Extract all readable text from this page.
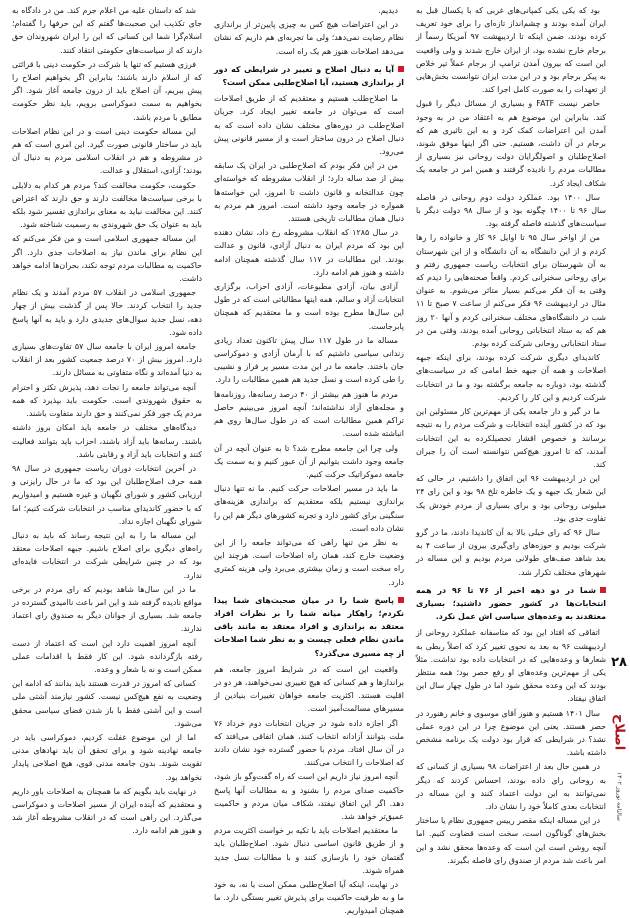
بود که یکی یکی کمپانی‌های غربی که با یکسال قبل به ایران آمده بودند و چشم‌انداز تازه‌ای را برای خود تعریف کرده بودند، ضمن اینکه تا اردیبهشت ۹۷ آمریکا رسماً از برجام خارج نشده بود، از ایران خارج شدند و ولی واقعیت این است که بیرون آمدن ترامپ از برجام عملاً تیر خلاص به پیکر برجام بود و در این مدت ایران نتوانست بخش‌هایی از تعهدات را به صورت کامل اجرا کند.

حاضر نیست FATF و بسیاری از مسائل دیگر را قبول کند. بنابراین این موضوع هم به اعتقاد من در به وجود آمدن این اعتراضات کمک کرد و به این تاثیری هم که برجام در آن داشت، هستیم. حتی اگر اینها موفق شوند، اصلاح‌طلبان و اصولگرایان دولت روحانی نیز بسیاری از مطالبات مردم را نادیده گرفتند و همین امر در جامعه یک شکاف ایجاد کرد.

سال ۱۴۰۰ بود. عملکرد دولت دوم روحانی در فاصله سال ۹۶ تا ۱۴۰۰ چگونه بود و از سال ۹۸ دولت دیگر با سیاست‌های گذشته فاصله گرفته بود.

من از اواخر سال ۹۵ تا اوایل ۹۶ کار و خانواده را رها کردم و از این دانشگاه به آن دانشگاه و از این شهرستان به آن شهرستان برای انتخابات ریاست جمهوری رفتم و برای روحانی سخنرانی کردم. واقعاً صحنه‌هایی را دیدم که وقتی به آن فکر می‌کنم بسیار متاثر می‌شوم. به عنوان مثال در اردیبهشت ۹۶ فکر می‌کنم از ساعت ۷ صبح تا ۱۱ شب در دانشگاه‌های مختلف سخنرانی کردم و آنها ۲۰ روز هم که به ستاد انتخاباتی روحانی آمده بودند، وقتی من در ستاد انتخاباتی روحانی شرکت کرده بودم.

کاندیدای دیگری شرکت کرده بودند، برای اینکه جبهه اصلاحات و همه آن جبهه خط امامی که در سیاست‌های گذشته بود، دوباره به جامعه برگشته بود و ما در انتخابات شرکت کردیم و این کار را کردیم.

ما در گیر و دار جامعه یکی از مهم‌ترین کار مسئولین این بود که در کشور آینده انتخابات و شرکت مردم را به نتیجه برسانند و خصوص اقشار تحصیلکرده به این انتخابات آمدند، که تا امروز هیچ‌کس نتوانسته است آن را جبران کند.

این در اردیبهشت ۹۶ این اتفاق را داشتیم، در حالی که این شعار یک جبهه و یک خاطره تلخ ۹۸ بود و این رای ۲۴ میلیونی روحانی بود و برای بسیاری از مردم خودش یک تفاوت جدی بود.

سال ۹۶ که رای خیلی بالا به آن کاندیدا دادند، ما در گرو شرکت بودیم و حوزه‌های رای‌گیری بیرون از ساعت ۴ به بعد شاهد صف‌های طولانی مردم بودیم و این مساله در شهرهای مختلف تکرار شد.

شما در دو دهه اخیر از ۷۶ تا ۹۶ در همه انتخابات‌ها در کشور حضور داشتید؛ بسیاری معتقدند به وعده‌های سیاسی اش عمل نکرد.

اتفاقی که افتاد این بود که متاسفانه عملکرد روحانی از اردیبهشت ۹۶ به بعد به نحوی تغییر کرد که اصلاً ربطی به شعارها و وعده‌هایی که در انتخابات داده بود نداشت. مثلاً یکی از مهم‌ترین وعده‌های او رفع حصر بود؛ همه منتظر بودند که این وعده محقق شود اما در طول چهار سال این اتفاق نیفتاد.

سال ۱۴۰۱ هستیم و هنوز آقای موسوی و خانم رهنورد در حصر هستند. یعنی این موضوع چرا در این دوره عملی نشد؟ در شرایطی که قرار بود دولت یک برنامه مشخص داشته باشد.

در همین حال بعد از اعتراضات ۹۸ بسیاری از کسانی که به روحانی رای داده بودند، احساس کردند که دیگر نمی‌توانند به این دولت اعتماد کنند و این مساله در انتخابات بعدی کاملاً خود را نشان داد.

در این مساله اینکه مقصر رییس جمهوری نظام یا ساختار بخش‌های گوناگون است، سخت است قضاوت کنیم. اما آنچه روشن است این است که وعده‌ها محقق نشد و این امر باعث شد مردم از صندوق رای فاصله بگیرند.

دیدیم.

در این اعتراضات هیچ کس به چیزی پایین‌تر از براندازی نظام رضایت نمی‌دهد؛ ولی ما تجربه‌ای هم داریم که نشان می‌دهد اصلاحات هنوز هم یک راه است.

آیا به دنبال اصلاح و تغییر در شرایطی که دور از براندازی هستید، آیا اصلاح‌طلبی ممکن است؟

ما اصلاح‌طلب هستیم و معتقدیم که از طریق اصلاحات است که می‌توان در جامعه تغییر ایجاد کرد. جریان اصلاح‌طلب در دوره‌های مختلف نشان داده است که به دنبال اصلاح در درون ساختار است و از مسیر قانونی پیش می‌رود.

من در این فکر بودم که اصلاح‌طلبی در ایران یک سابقه بیش از صد ساله دارد؛ از انقلاب مشروطه که خواسته‌ای چون عدالتخانه و قانون داشت تا امروز، این خواسته‌ها همواره در جامعه وجود داشته است. امروز هم مردم به دنبال همان مطالبات تاریخی هستند.

در سال ۱۲۸۵ که انقلاب مشروطه رخ داد، نشان دهنده این بود که مردم ایران به دنبال آزادی، قانون و عدالت بودند. این مطالبات در ۱۱۷ سال گذشته همچنان ادامه داشته و هنوز هم ادامه دارد.

آزادی بیان، آزادی مطبوعات، آزادی احزاب، برگزاری انتخابات آزاد و سالم، همه اینها مطالباتی است که در طول این سال‌ها مطرح بوده است و ما معتقدیم که همچنان پابرجاست.

مساله ما در طول ۱۱۷ سال پیش تاکنون تعداد زیادی زندانی سیاسی داشتیم که با آرمان آزادی و دموکراسی جان باختند. جامعه ما در این مدت مسیر پر فراز و نشیبی را طی کرده است و نسل جدید هم همین مطالبات را دارد.

مردم ما هنوز هم بیشتر از ۴۰ درصد رسانه‌ها، روزنامه‌ها و مجله‌های آزاد نداشته‌اند؛ آنچه امروز می‌بینیم حاصل تراکم همین مطالبات است که در طول سال‌ها روی هم انباشته شده است.

ولی چرا این جامعه مطرح شد؟ تا به عنوان آنچه در آن جامعه وجود داشت بتوانیم از آن عبور کنیم و به سمت یک جامعه دموکراتیک حرکت کنیم.

ما باید در مسیر اصلاحات حرکت کنیم. ما نه تنها دنبال براندازی نیستیم بلکه معتقدیم که براندازی هزینه‌های سنگینی برای کشور دارد و تجربه کشورهای دیگر هم این را نشان داده است.

به نظر من تنها راهی که می‌تواند جامعه را از این وضعیت خارج کند، همان راه اصلاحات است. هرچند این راه سخت است و زمان بیشتری می‌برد ولی هزینه کمتری دارد.

پاسخ شما را در میان صحبت‌های شما پیدا نکردم؛ راهکار میانه شما را بر نظرات افراد معتقد به براندازی و افراد معتقد به مانند باقی ماندن نظام فعلی چیست و به نظر شما اصلاحات از چه مسیری می‌گذرد؟

واقعیت این است که در شرایط امروز جامعه، هم براندازها و هم کسانی که هیچ تغییری نمی‌خواهند، هر دو در اقلیت هستند. اکثریت جامعه خواهان تغییرات بنیادین از مسیرهای مسالمت‌آمیز است.

اگر اجازه داده شود در جریان انتخابات دوم خرداد ۷۶ ملت بتوانند آزادانه انتخاب کنند، همان اتفاقی می‌افتد که در آن سال افتاد. مردم با حضور گسترده خود نشان دادند که اصلاحات را انتخاب می‌کنند.

آنچه امروز نیاز داریم این است که راه گفت‌وگو باز شود، حاکمیت صدای مردم را بشنود و به مطالبات آنها پاسخ دهد. اگر این اتفاق نیفتد، شکاف میان مردم و حاکمیت عمیق‌تر خواهد شد.

ما معتقدیم اصلاحات باید با تکیه بر خواست اکثریت مردم و از طریق قانون اساسی دنبال شود. اصلاح‌طلبان باید گفتمان خود را بازسازی کنند و با مطالبات نسل جدید همراه شوند.

در نهایت، اینکه آیا اصلاح‌طلبی ممکن است یا نه، به خود ما و به ظرفیت حاکمیت برای پذیرش تغییر بستگی دارد. ما همچنان امیدواریم.

شد که داستان علیه من اعلام جرم کند. من در دادگاه به جای تکذیب این صحبت‌ها گفتم که این حرفها را گفته‌ام؛ اسلام‌گرا شما این کسانی که این را ایران شهروندان حق دارند که از سیاست‌های حکومتی انتقاد کنند.

فرزی هستیم که تنها یا شرکت در حکومت دینی با قرائتی که از اسلام دارند باشند؛ بنابراین اگر بخواهیم اصلاح را پیش ببریم، آن اصلاح باید از درون جامعه آغاز شود. اگر بخواهیم به سمت دموکراسی برویم، باید نظر حکومت مطابق با مردم باشد.

این مساله حکومت دینی است و در این نظام اصلاحات باید در ساختار قانونی صورت گیرد. این امری است که هم در مشروطه و هم در انقلاب اسلامی مردم به دنبال آن بودند؛ آزادی، استقلال و عدالت.

حکومت، حکومت مخالفت کند؟ مردم هر کدام به دلایلی با برخی سیاست‌ها مخالفت دارند و حق دارند که اعتراض کنند. این مخالفت نباید به معنای براندازی تفسیر شود بلکه باید به عنوان یک حق شهروندی به رسمیت شناخته شود.

این مساله جمهوری اسلامی است و من فکر می‌کنم که این نظام برای ماندن نیاز به اصلاحات جدی دارد. اگر حاکمیت به مطالبات مردم توجه نکند، بحران‌ها ادامه خواهد داشت.

جمهوری اسلامی در انقلاب ۵۷ مردم آمدند و یک نظام جدید را انتخاب کردند. حالا پس از گذشت بیش از چهار دهه، نسل جدید سوال‌های جدیدی دارد و باید به آنها پاسخ داده شود.

جامعه امروز ایران با جامعه سال ۵۷ تفاوت‌های بسیاری دارد. امروز بیش از ۷۰ درصد جمعیت کشور بعد از انقلاب به دنیا آمده‌اند و نگاه متفاوتی به مسائل دارند.

آنچه می‌تواند جامعه را نجات دهد، پذیرش تکثر و احترام به حقوق شهروندی است. حکومت باید بپذیرد که همه مردم یک جور فکر نمی‌کنند و حق دارند متفاوت باشند.

دیدگاه‌های مختلف در جامعه باید امکان بروز داشته باشند. رسانه‌ها باید آزاد باشند، احزاب باید بتوانند فعالیت کنند و انتخابات باید آزاد و رقابتی باشد.

در آخرین انتخابات دوران ریاست جمهوری در سال ۹۸ همه حرف اصلاح‌طلبان این بود که ما در حال رایزنی و ارزیابی کشور و شورای نگهبان و غیره هستیم و امیدواریم که با حضور کاندیدای مناسب در انتخابات شرکت کنیم؛ اما شورای نگهبان اجازه نداد.

این مساله ما را به این نتیجه رساند که باید به دنبال راه‌های دیگری برای اصلاح باشیم. جبهه اصلاحات معتقد بود که در چنین شرایطی شرکت در انتخابات فایده‌ای ندارد.

ما در این سال‌ها شاهد بودیم که رای مردم در برخی مواقع نادیده گرفته شد و این امر باعث ناامیدی گسترده در جامعه شد. بسیاری از جوانان دیگر به صندوق رای اعتماد ندارند.

آنچه امروز اهمیت دارد این است که اعتماد از دست رفته بازگردانده شود. این کار فقط با اقدامات عملی ممکن است و نه با شعار و وعده.

کسانی که امروز در قدرت هستند باید بدانند که ادامه این وضعیت به نفع هیچ‌کس نیست. کشور نیازمند آشتی ملی است و این آشتی فقط با باز شدن فضای سیاسی محقق می‌شود.

اما از این موضوع غفلت کردیم، دموکراسی باید در جامعه نهادینه شود و برای تحقق آن باید نهادهای مدنی تقویت شوند. بدون جامعه مدنی قوی، هیچ اصلاحی پایدار نخواهد بود.

در نهایت باید بگویم که ما همچنان به اصلاحات باور داریم و معتقدیم که آینده ایران از مسیر اصلاحات و دموکراسی می‌گذرد. این راهی است که در انقلاب مشروطه آغاز شد و هنوز هم ادامه دارد.

۲۸
اصلاح
سالنامه نوروز ۱۴۰۲
